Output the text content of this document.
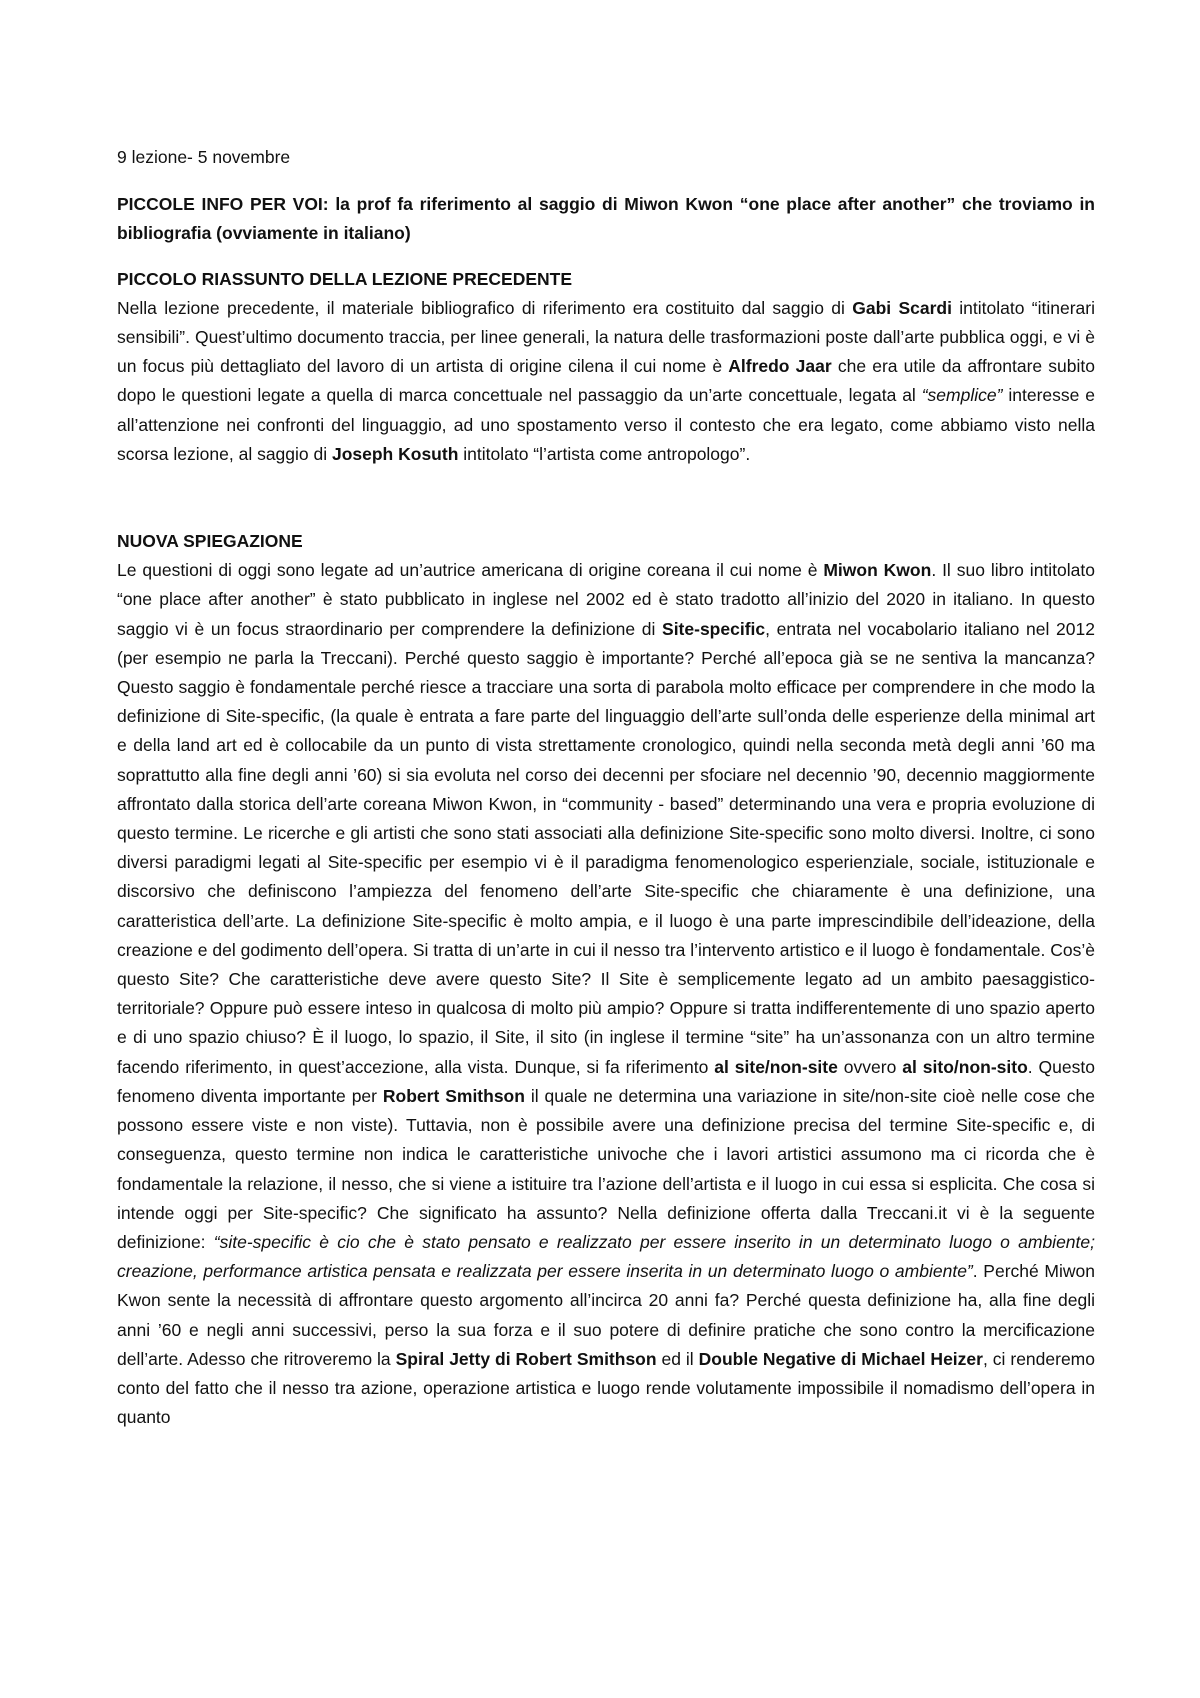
9 lezione- 5 novembre

PICCOLE INFO PER VOI: la prof fa riferimento al saggio di Miwon Kwon “one place after another” che troviamo in bibliografia (ovviamente in italiano)

PICCOLO RIASSUNTO DELLA LEZIONE PRECEDENTE

Nella lezione precedente, il materiale bibliografico di riferimento era costituito dal saggio di Gabi Scardi intitolato “itinerari sensibili”. Quest’ultimo documento traccia, per linee generali, la natura delle trasformazioni poste dall’arte pubblica oggi, e vi è un focus più dettagliato del lavoro di un artista di origine cilena il cui nome è Alfredo Jaar che era utile da affrontare subito dopo le questioni legate a quella di marca concettuale nel passaggio da un’arte concettuale, legata al “semplice” interesse e all’attenzione nei confronti del linguaggio, ad uno spostamento verso il contesto che era legato, come abbiamo visto nella scorsa lezione, al saggio di Joseph Kosuth intitolato “l’artista come antropologo”.

NUOVA SPIEGAZIONE

Le questioni di oggi sono legate ad un’autrice americana di origine coreana il cui nome è Miwon Kwon. Il suo libro intitolato “one place after another” è stato pubblicato in inglese nel 2002 ed è stato tradotto all’inizio del 2020 in italiano. In questo saggio vi è un focus straordinario per comprendere la definizione di Site-specific, entrata nel vocabolario italiano nel 2012 (per esempio ne parla la Treccani). Perché questo saggio è importante? Perché all’epoca già se ne sentiva la mancanza? Questo saggio è fondamentale perché riesce a tracciare una sorta di parabola molto efficace per comprendere in che modo la definizione di Site-specific, (la quale è entrata a fare parte del linguaggio dell’arte sull’onda delle esperienze della minimal art e della land art ed è collocabile da un punto di vista strettamente cronologico, quindi nella seconda metà degli anni ’60 ma soprattutto alla fine degli anni ’60) si sia evoluta nel corso dei decenni per sfociare nel decennio ’90, decennio maggiormente affrontato dalla storica dell’arte coreana Miwon Kwon, in “community - based” determinando una vera e propria evoluzione di questo termine. Le ricerche e gli artisti che sono stati associati alla definizione Site-specific sono molto diversi. Inoltre, ci sono diversi paradigmi legati al Site-specific per esempio vi è il paradigma fenomenologico esperienziale, sociale, istituzionale e discorsivo che definiscono l’ampiezza del fenomeno dell’arte Site-specific che chiaramente è una definizione, una caratteristica dell’arte. La definizione Site-specific è molto ampia, e il luogo è una parte imprescindibile dell’ideazione, della creazione e del godimento dell’opera. Si tratta di un’arte in cui il nesso tra l’intervento artistico e il luogo è fondamentale. Cos’è questo Site? Che caratteristiche deve avere questo Site? Il Site è semplicemente legato ad un ambito paesaggistico-territoriale? Oppure può essere inteso in qualcosa di molto più ampio? Oppure si tratta indifferentemente di uno spazio aperto e di uno spazio chiuso? È il luogo, lo spazio, il Site, il sito (in inglese il termine “site” ha un’assonanza con un altro termine facendo riferimento, in quest’accezione, alla vista. Dunque, si fa riferimento al site/non-site ovvero al sito/non-sito. Questo fenomeno diventa importante per Robert Smithson il quale ne determina una variazione in site/non-site cioè nelle cose che possono essere viste e non viste). Tuttavia, non è possibile avere una definizione precisa del termine Site-specific e, di conseguenza, questo termine non indica le caratteristiche univoche che i lavori artistici assumono ma ci ricorda che è fondamentale la relazione, il nesso, che si viene a istituire tra l’azione dell’artista e il luogo in cui essa si esplicita. Che cosa si intende oggi per Site-specific? Che significato ha assunto? Nella definizione offerta dalla Treccani.it vi è la seguente definizione: “site-specific è cio che è stato pensato e realizzato per essere inserito in un determinato luogo o ambiente; creazione, performance artistica pensata e realizzata per essere inserita in un determinato luogo o ambiente”. Perché Miwon Kwon sente la necessità di affrontare questo argomento all’incirca 20 anni fa? Perché questa definizione ha, alla fine degli anni ’60 e negli anni successivi, perso la sua forza e il suo potere di definire pratiche che sono contro la mercificazione dell’arte. Adesso che ritroveremo la Spiral Jetty di Robert Smithson ed il Double Negative di Michael Heizer, ci renderemo conto del fatto che il nesso tra azione, operazione artistica e luogo rende volutamente impossibile il nomadismo dell’opera in quanto
